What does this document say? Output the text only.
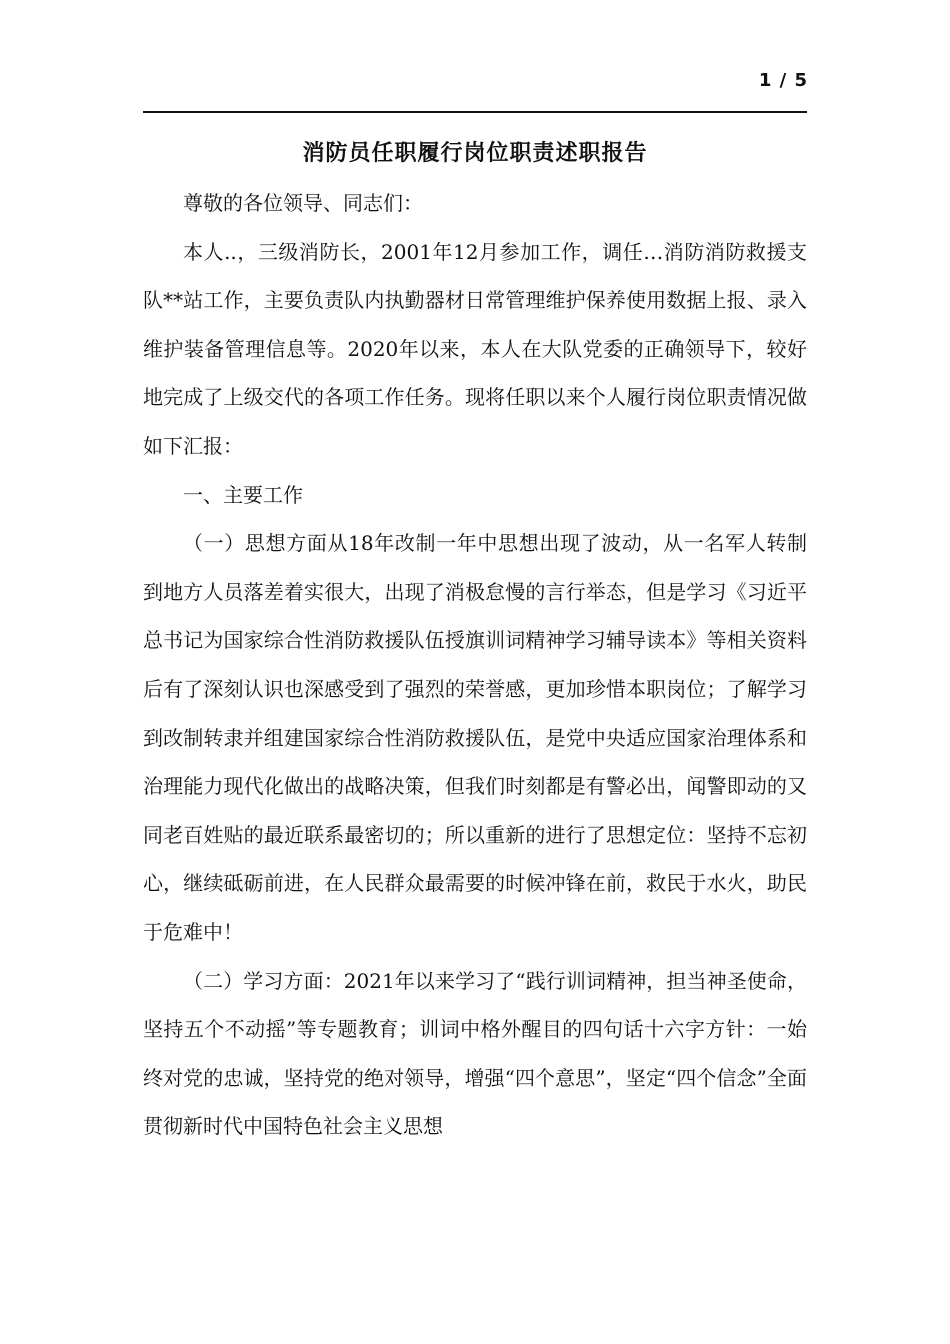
1 / 5
消防员任职履行岗位职责述职报告

尊敬的各位领导、同志们：

本人..，三级消防长，2001年12月参加工作，调任…消防消防救援支队**站工作，主要负责队内执勤器材日常管理维护保养使用数据上报、录入维护装备管理信息等。2020年以来，本人在大队党委的正确领导下，较好地完成了上级交代的各项工作任务。现将任职以来个人履行岗位职责情况做如下汇报：

一、主要工作

（一）思想方面从18年改制一年中思想出现了波动，从一名军人转制到地方人员落差着实很大，出现了消极怠慢的言行举态，但是学习《习近平总书记为国家综合性消防救援队伍授旗训词精神学习辅导读本》等相关资料后有了深刻认识也深感受到了强烈的荣誉感，更加珍惜本职岗位；了解学习到改制转隶并组建国家综合性消防救援队伍，是党中央适应国家治理体系和治理能力现代化做出的战略决策，但我们时刻都是有警必出，闻警即动的又同老百姓贴的最近联系最密切的；所以重新的进行了思想定位：坚持不忘初心，继续砥砺前进，在人民群众最需要的时候冲锋在前，救民于水火，助民于危难中！

（二）学习方面：2021年以来学习了“践行训词精神，担当神圣使命，坚持五个不动摇”等专题教育；训词中格外醒目的四句话十六字方针：一始终对党的忠诚，坚持党的绝对领导，增强“四个意思”，坚定“四个信念”全面贯彻新时代中国特色社会主义思想
